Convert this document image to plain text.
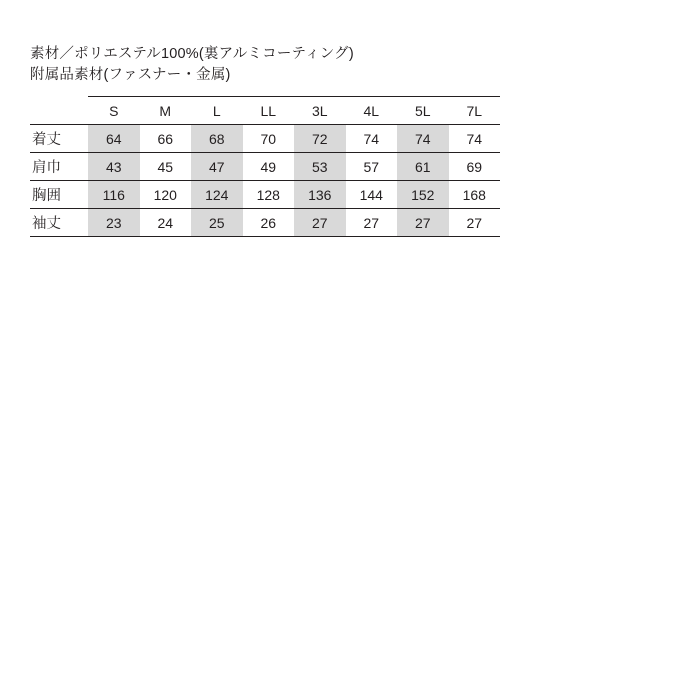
素材／ポリエステル100%(裏アルミコーティング)
附属品素材(ファスナー・金属)
	S	M	L	LL	3L	4L	5L	7L
着丈	64	66	68	70	72	74	74	74
肩巾	43	45	47	49	53	57	61	69
胸囲	116	120	124	128	136	144	152	168
袖丈	23	24	25	26	27	27	27	27
